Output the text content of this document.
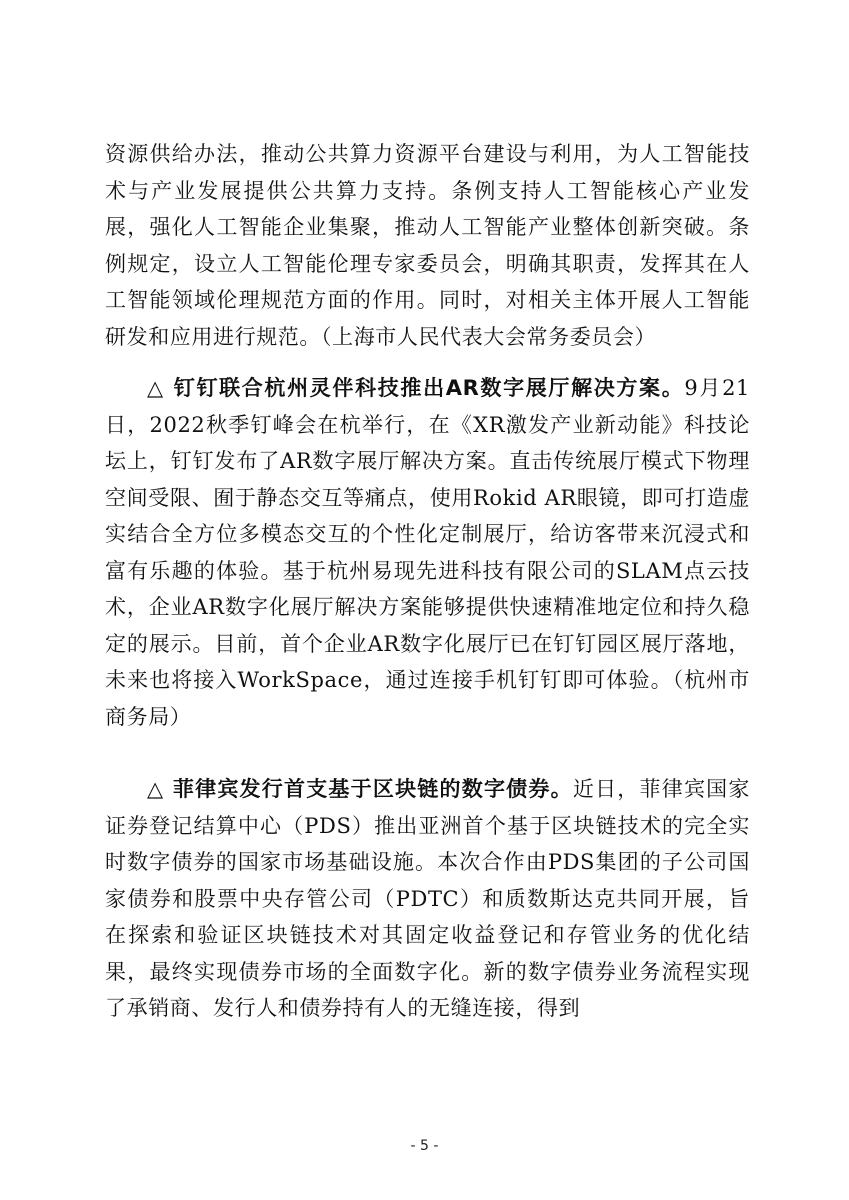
资源供给办法，推动公共算力资源平台建设与利用，为人工智能技术与产业发展提供公共算力支持。条例支持人工智能核心产业发展，强化人工智能企业集聚，推动人工智能产业整体创新突破。条例规定，设立人工智能伦理专家委员会，明确其职责，发挥其在人工智能领域伦理规范方面的作用。同时，对相关主体开展人工智能研发和应用进行规范。（上海市人民代表大会常务委员会）

△ 钉钉联合杭州灵伴科技推出AR数字展厅解决方案。9月21日，2022秋季钉峰会在杭举行，在《XR激发产业新动能》科技论坛上，钉钉发布了AR数字展厅解决方案。直击传统展厅模式下物理空间受限、囿于静态交互等痛点，使用Rokid AR眼镜，即可打造虚实结合全方位多模态交互的个性化定制展厅，给访客带来沉浸式和富有乐趣的体验。基于杭州易现先进科技有限公司的SLAM点云技术，企业AR数字化展厅解决方案能够提供快速精准地定位和持久稳定的展示。目前，首个企业AR数字化展厅已在钉钉园区展厅落地，未来也将接入WorkSpace，通过连接手机钉钉即可体验。（杭州市商务局）

△ 菲律宾发行首支基于区块链的数字债券。近日，菲律宾国家证券登记结算中心（PDS）推出亚洲首个基于区块链技术的完全实时数字债券的国家市场基础设施。本次合作由PDS集团的子公司国家债券和股票中央存管公司（PDTC）和质数斯达克共同开展，旨在探索和验证区块链技术对其固定收益登记和存管业务的优化结果，最终实现债券市场的全面数字化。新的数字债券业务流程实现了承销商、发行人和债券持有人的无缝连接，得到

- 5 -
